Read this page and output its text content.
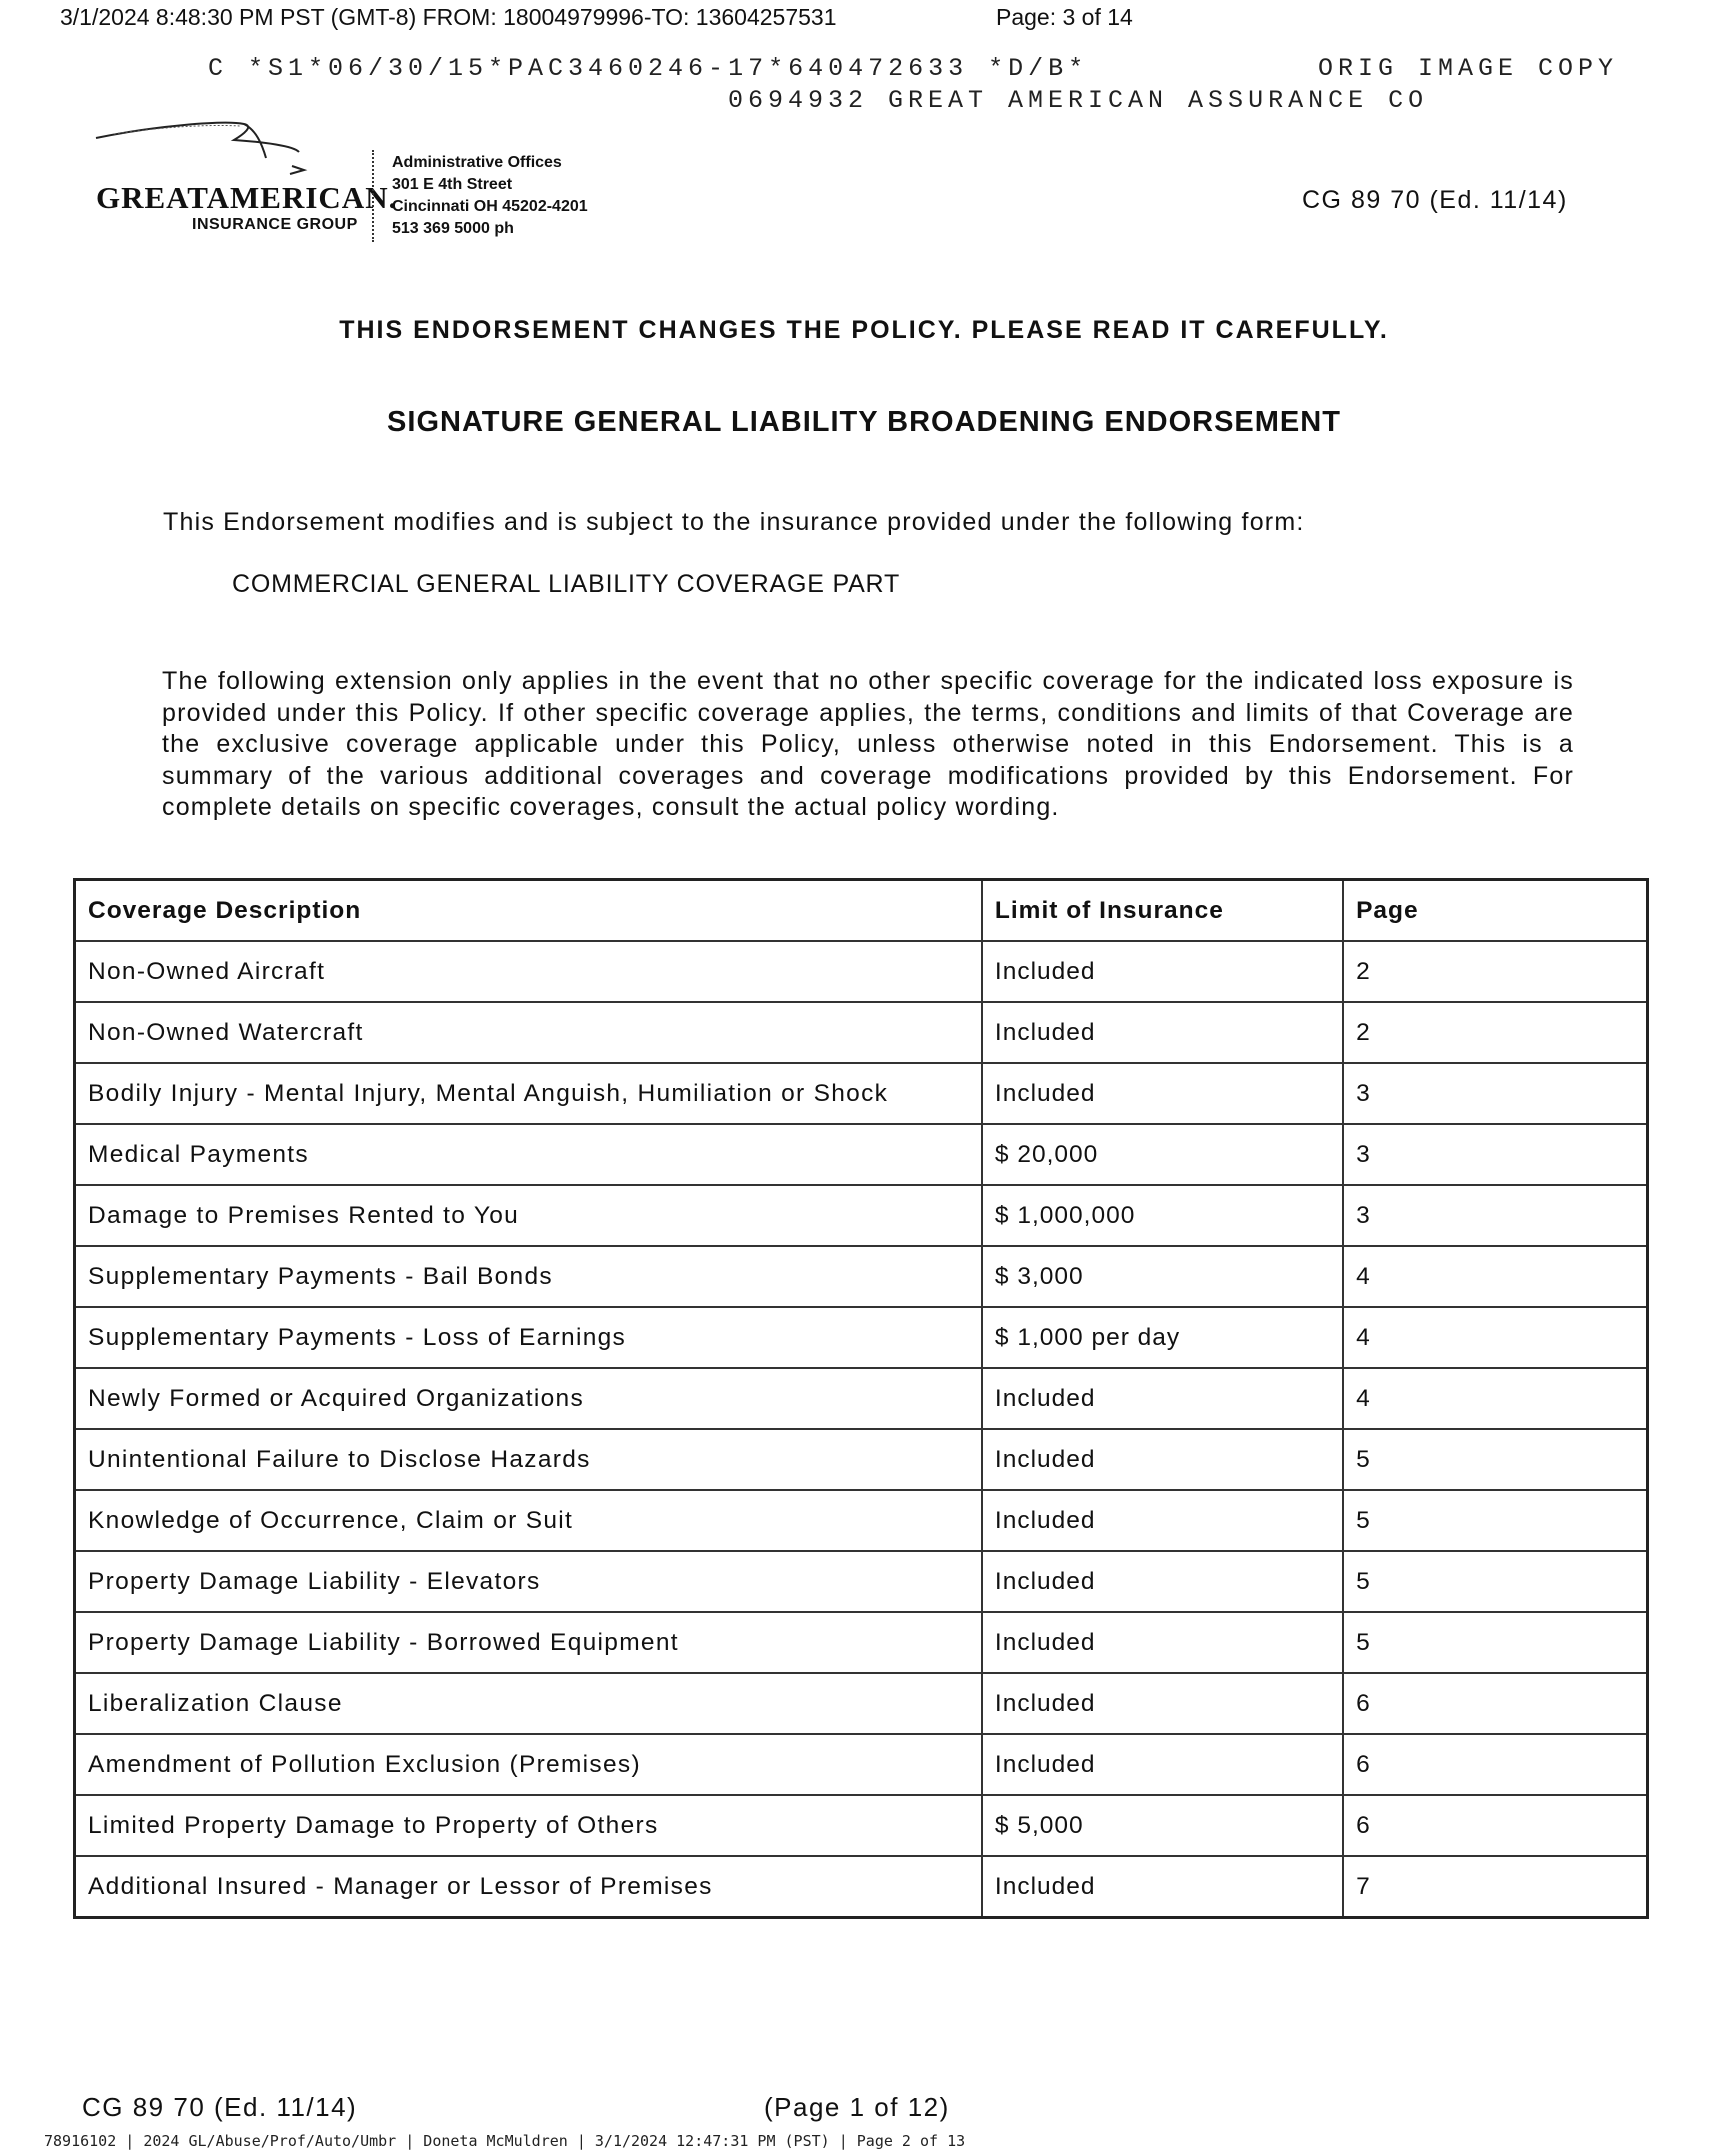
3/1/2024 8:48:30 PM PST (GMT-8) FROM: 18004979996-TO: 13604257531	Page: 3 of 14
C *S1*06/30/15*PAC3460246-17*640472633 *D/B*	ORIG IMAGE COPY
0694932 GREAT AMERICAN ASSURANCE CO
GREATAMERICAN.
INSURANCE GROUP
Administrative Offices
301 E 4th Street
Cincinnati OH 45202-4201
513 369 5000 ph
CG 89 70 (Ed. 11/14)
THIS ENDORSEMENT CHANGES THE POLICY. PLEASE READ IT CAREFULLY.
SIGNATURE GENERAL LIABILITY BROADENING ENDORSEMENT
This Endorsement modifies and is subject to the insurance provided under the following form:
COMMERCIAL GENERAL LIABILITY COVERAGE PART
The following extension only applies in the event that no other specific coverage for the indicated loss exposure is provided under this Policy. If other specific coverage applies, the terms, conditions and limits of that Coverage are the exclusive coverage applicable under this Policy, unless otherwise noted in this Endorsement. This is a summary of the various additional coverages and coverage modifications provided by this Endorsement. For complete details on specific coverages, consult the actual policy wording.
Coverage Description	Limit of Insurance	Page
Non-Owned Aircraft	Included	2
Non-Owned Watercraft	Included	2
Bodily Injury - Mental Injury, Mental Anguish, Humiliation or Shock	Included	3
Medical Payments	$ 20,000	3
Damage to Premises Rented to You	$ 1,000,000	3
Supplementary Payments - Bail Bonds	$ 3,000	4
Supplementary Payments - Loss of Earnings	$ 1,000 per day	4
Newly Formed or Acquired Organizations	Included	4
Unintentional Failure to Disclose Hazards	Included	5
Knowledge of Occurrence, Claim or Suit	Included	5
Property Damage Liability - Elevators	Included	5
Property Damage Liability - Borrowed Equipment	Included	5
Liberalization Clause	Included	6
Amendment of Pollution Exclusion (Premises)	Included	6
Limited Property Damage to Property of Others	$ 5,000	6
Additional Insured - Manager or Lessor of Premises	Included	7
CG 89 70 (Ed. 11/14)	(Page 1 of 12)
78916102 | 2024 GL/Abuse/Prof/Auto/Umbr | Doneta McMuldren | 3/1/2024 12:47:31 PM (PST) | Page 2 of 13
